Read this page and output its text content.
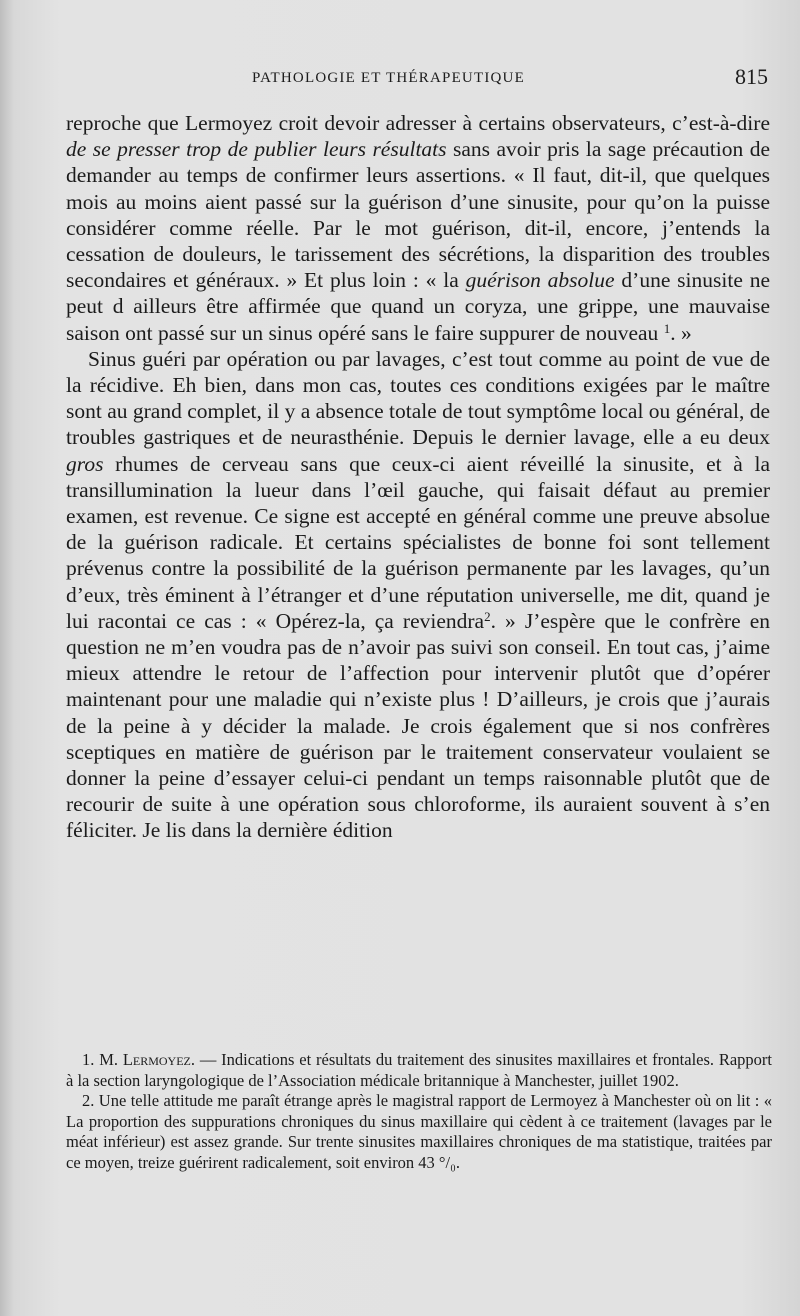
PATHOLOGIE ET THÉRAPEUTIQUE	815

reproche que Lermoyez croit devoir adresser à certains observateurs, c’est-à-dire de se presser trop de publier leurs résultats sans avoir pris la sage précaution de demander au temps de confirmer leurs assertions. « Il faut, dit-il, que quelques mois au moins aient passé sur la guérison d’une sinusite, pour qu’on la puisse considérer comme réelle. Par le mot guérison, dit-il, encore, j’entends la cessation de douleurs, le tarissement des sécrétions, la disparition des troubles secondaires et généraux. » Et plus loin : « la guérison absolue d’une sinusite ne peut d ailleurs être affirmée que quand un coryza, une grippe, une mauvaise saison ont passé sur un sinus opéré sans le faire suppurer de nouveau $^1$. »

Sinus guéri par opération ou par lavages, c’est tout comme au point de vue de la récidive. Eh bien, dans mon cas, toutes ces conditions exigées par le maître sont au grand complet, il y a absence totale de tout symptôme local ou général, de troubles gastriques et de neurasthénie. Depuis le dernier lavage, elle a eu deux gros rhumes de cerveau sans que ceux-ci aient réveillé la sinusite, et à la transillumination la lueur dans l’œil gauche, qui faisait défaut au premier examen, est revenue. Ce signe est accepté en général comme une preuve absolue de la guérison radicale. Et certains spécialistes de bonne foi sont tellement prévenus contre la possibilité de la guérison permanente par les lavages, qu’un d’eux, très éminent à l’étranger et d’une réputation universelle, me dit, quand je lui racontai ce cas : « Opérez-la, ça reviendra$^2$. » J’espère que le confrère en question ne m’en voudra pas de n’avoir pas suivi son conseil. En tout cas, j’aime mieux attendre le retour de l’affection pour intervenir plutôt que d’opérer maintenant pour une maladie qui n’existe plus ! D’ailleurs, je crois que j’aurais de la peine à y décider la malade. Je crois également que si nos confrères sceptiques en matière de guérison par le traitement conservateur voulaient se donner la peine d’essayer celui-ci pendant un temps raisonnable plutôt que de recourir de suite à une opération sous chloroforme, ils auraient souvent à s’en féliciter. Je lis dans la dernière édition

1. M. Lermoyez. — Indications et résultats du traitement des sinusites maxillaires et frontales. Rapport à la section laryngologique de l’Association médicale britannique à Manchester, juillet 1902.

2. Une telle attitude me paraît étrange après le magistral rapport de Lermoyez à Manchester où on lit : « La proportion des suppurations chroniques du sinus maxillaire qui cèdent à ce traitement (lavages par le méat inférieur) est assez grande. Sur trente sinusites maxillaires chroniques de ma statistique, traitées par ce moyen, treize guérirent radicalement, soit environ 43 °/₀.
